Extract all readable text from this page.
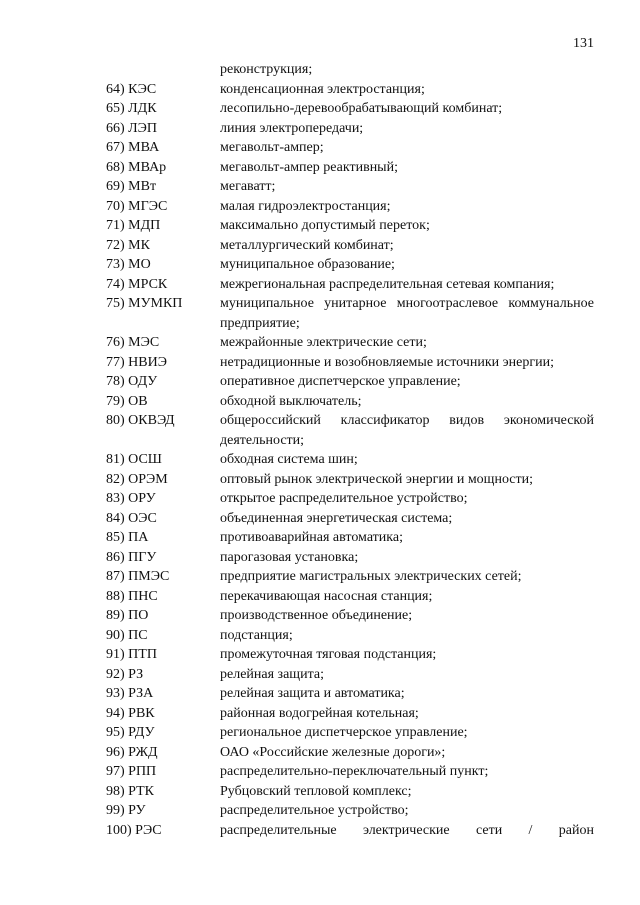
131
реконструкция;
64) КЭС	конденсационная электростанция;
65) ЛДК	лесопильно-деревообрабатывающий комбинат;
66) ЛЭП	линия электропередачи;
67) МВА	мегавольт-ампер;
68) МВАр	мегавольт-ампер реактивный;
69) МВт	мегаватт;
70) МГЭС	малая гидроэлектростанция;
71) МДП	максимально допустимый переток;
72) МК	металлургический комбинат;
73) МО	муниципальное образование;
74) МРСК	межрегиональная распределительная сетевая компания;
75) МУМКП	муниципальное унитарное многоотраслевое коммунальное предприятие;
76) МЭС	межрайонные электрические сети;
77) НВИЭ	нетрадиционные и возобновляемые источники энергии;
78) ОДУ	оперативное диспетчерское управление;
79) ОВ	обходной выключатель;
80) ОКВЭД	общероссийский классификатор видов экономической деятельности;
81) ОСШ	обходная система шин;
82) ОРЭМ	оптовый рынок электрической энергии и мощности;
83) ОРУ	открытое распределительное устройство;
84) ОЭС	объединенная энергетическая система;
85) ПА	противоаварийная автоматика;
86) ПГУ	парогазовая установка;
87) ПМЭС	предприятие магистральных электрических сетей;
88) ПНС	перекачивающая насосная станция;
89) ПО	производственное объединение;
90) ПС	подстанция;
91) ПТП	промежуточная тяговая подстанция;
92) РЗ	релейная защита;
93) РЗА	релейная защита и автоматика;
94) РВК	районная водогрейная котельная;
95) РДУ	региональное диспетчерское управление;
96) РЖД	ОАО «Российские железные дороги»;
97) РПП	распределительно-переключательный пункт;
98) РТК	Рубцовский тепловой комплекс;
99) РУ	распределительное устройство;
100) РЭС	распределительные электрические сети / район
